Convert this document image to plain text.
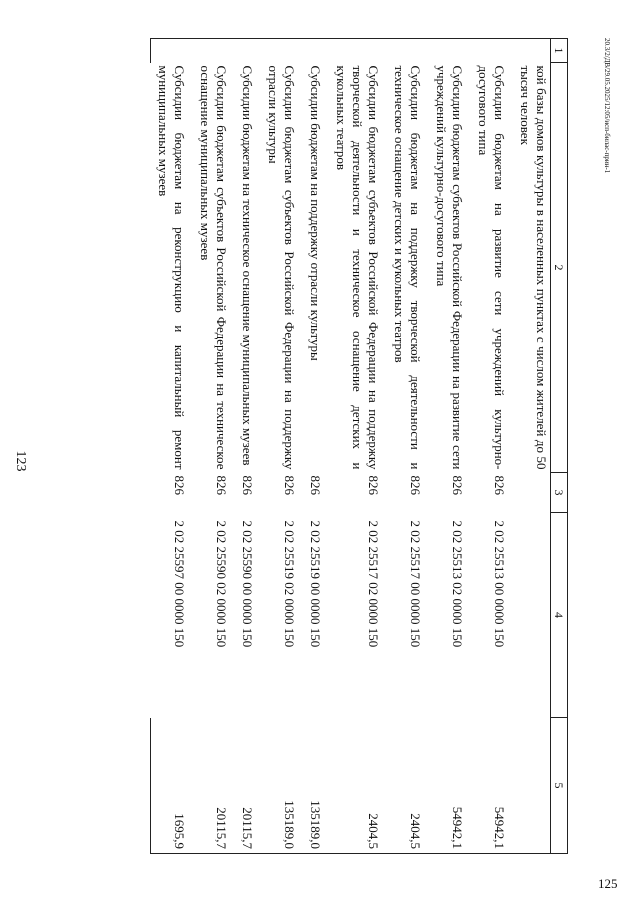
123
20.3/2/ДВ/29.05.2025/12:05/исп-билас-прин-1
1	2	3	4	5
	кой базы домов культуры в населенных пунктах с числом жителей до 50 тысяч человек			
	Субсидии бюджетам на развитие сети учреждений культурно-досугового типа	826	2 02 25513 00 0000 150	54942,1
	Субсидии бюджетам субъектов Российской Федерации на развитие сети учреждений культурно-досугового типа	826	2 02 25513 02 0000 150	54942,1
	Субсидии бюджетам на поддержку творческой деятельности и техническое оснащение детских и кукольных театров	826	2 02 25517 00 0000 150	2404,5
	Субсидии бюджетам субъектов Российской Федерации на поддержку творческой деятельности и техническое оснащение детских и кукольных театров	826	2 02 25517 02 0000 150	2404,5
	Субсидии бюджетам на поддержку отрасли культуры	826	2 02 25519 00 0000 150	135189,0
	Субсидии бюджетам субъектов Российской Федерации на поддержку отрасли культуры	826	2 02 25519 02 0000 150	135189,0
	Субсидии бюджетам на техническое оснащение муниципальных музеев	826	2 02 25590 00 0000 150	20115,7
	Субсидии бюджетам субъектов Российской Федерации на техническое оснащение муниципальных музеев	826	2 02 25590 02 0000 150	20115,7
	Субсидии бюджетам на реконструкцию и капитальный ремонт муниципальных музеев	826	2 02 25597 00 0000 150	1695,9
125
